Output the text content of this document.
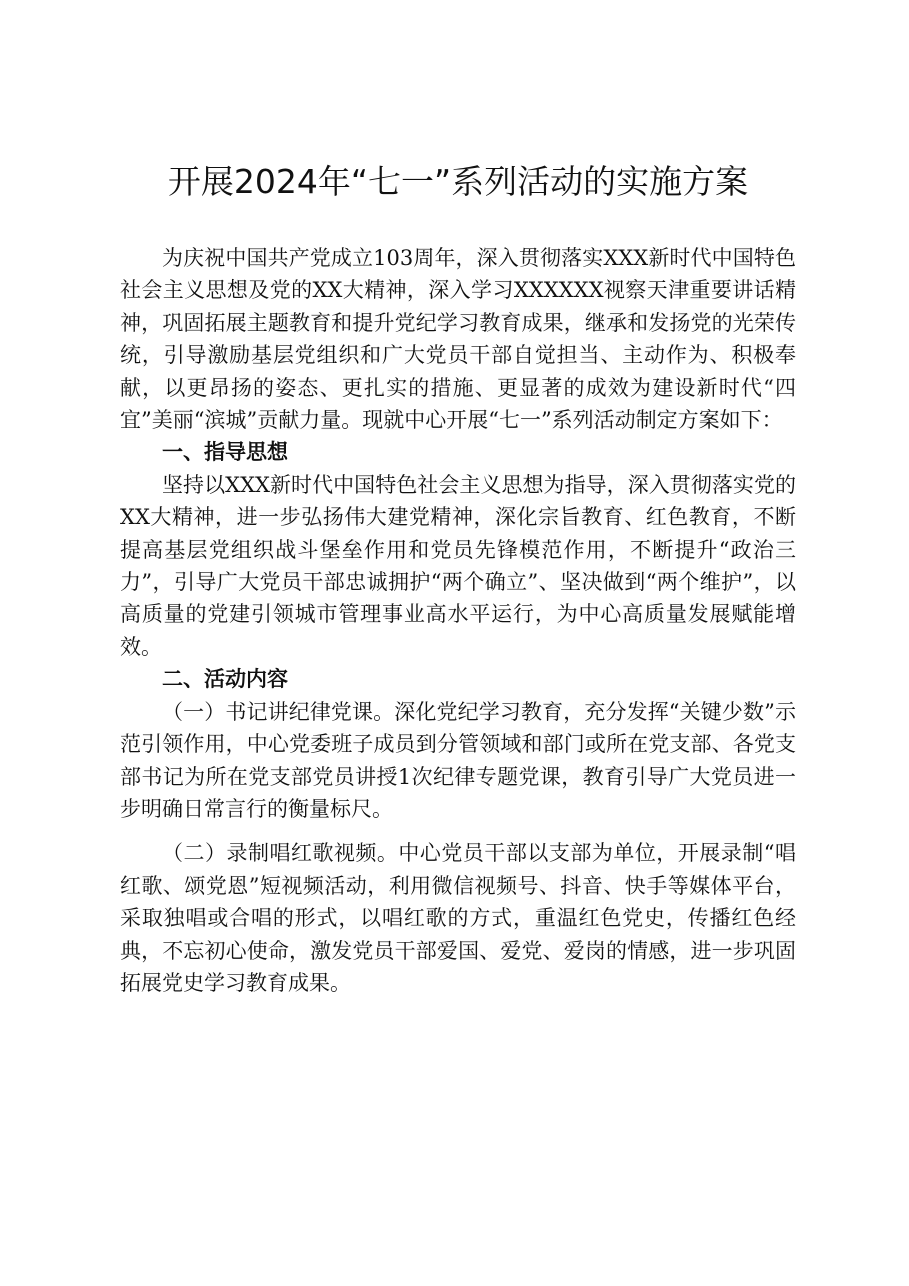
开展2024年“七一”系列活动的实施方案

为庆祝中国共产党成立103周年，深入贯彻落实XXX新时代中国特色社会主义思想及党的XX大精神，深入学习XXXXXX视察天津重要讲话精神，巩固拓展主题教育和提升党纪学习教育成果，继承和发扬党的光荣传统，引导激励基层党组织和广大党员干部自觉担当、主动作为、积极奉献，以更昂扬的姿态、更扎实的措施、更显著的成效为建设新时代“四宜”美丽“滨城”贡献力量。现就中心开展“七一”系列活动制定方案如下：

一、指导思想

坚持以XXX新时代中国特色社会主义思想为指导，深入贯彻落实党的XX大精神，进一步弘扬伟大建党精神，深化宗旨教育、红色教育，不断提高基层党组织战斗堡垒作用和党员先锋模范作用，不断提升“政治三力”，引导广大党员干部忠诚拥护“两个确立”、坚决做到“两个维护”，以高质量的党建引领城市管理事业高水平运行，为中心高质量发展赋能增效。

二、活动内容

（一）书记讲纪律党课。深化党纪学习教育，充分发挥“关键少数”示范引领作用，中心党委班子成员到分管领域和部门或所在党支部、各党支部书记为所在党支部党员讲授1次纪律专题党课，教育引导广大党员进一步明确日常言行的衡量标尺。

（二）录制唱红歌视频。中心党员干部以支部为单位，开展录制“唱红歌、颂党恩”短视频活动，利用微信视频号、抖音、快手等媒体平台，采取独唱或合唱的形式，以唱红歌的方式，重温红色党史，传播红色经典，不忘初心使命，激发党员干部爱国、爱党、爱岗的情感，进一步巩固拓展党史学习教育成果。
